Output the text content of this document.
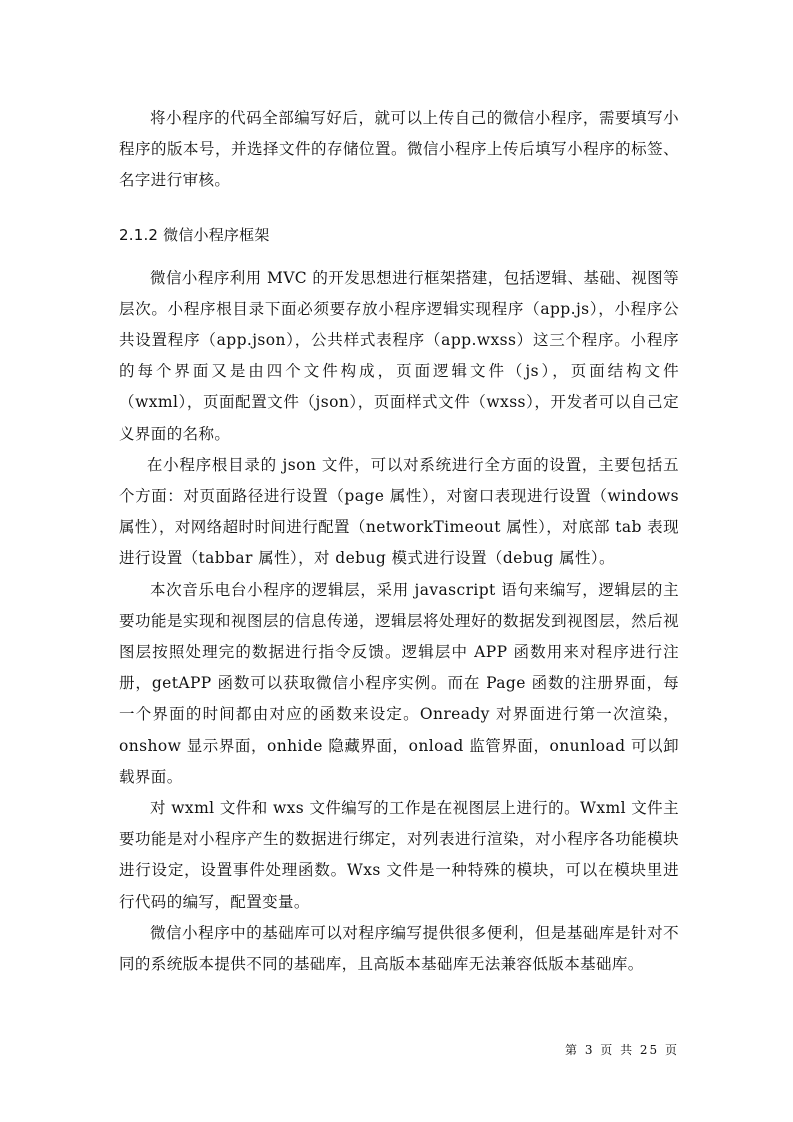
将小程序的代码全部编写好后，就可以上传自己的微信小程序，需要填写小程序的版本号，并选择文件的存储位置。微信小程序上传后填写小程序的标签、名字进行审核。

2.1.2 微信小程序框架

微信小程序利用 MVC 的开发思想进行框架搭建，包括逻辑、基础、视图等层次。小程序根目录下面必须要存放小程序逻辑实现程序（app.js），小程序公共设置程序（app.json），公共样式表程序（app.wxss）这三个程序。小程序的每个界面又是由四个文件构成，页面逻辑文件（js），页面结构文件（wxml），页面配置文件（json），页面样式文件（wxss），开发者可以自己定义界面的名称。

在小程序根目录的 json 文件，可以对系统进行全方面的设置，主要包括五个方面：对页面路径进行设置（page 属性），对窗口表现进行设置（windows 属性），对网络超时时间进行配置（networkTimeout 属性），对底部 tab 表现进行设置（tabbar 属性），对 debug 模式进行设置（debug 属性）。

本次音乐电台小程序的逻辑层，采用 javascript 语句来编写，逻辑层的主要功能是实现和视图层的信息传递，逻辑层将处理好的数据发到视图层，然后视图层按照处理完的数据进行指令反馈。逻辑层中 APP 函数用来对程序进行注册，getAPP 函数可以获取微信小程序实例。而在 Page 函数的注册界面，每一个界面的时间都由对应的函数来设定。Onready 对界面进行第一次渲染，onshow 显示界面，onhide 隐藏界面，onload 监管界面，onunload 可以卸载界面。

对 wxml 文件和 wxs 文件编写的工作是在视图层上进行的。Wxml 文件主要功能是对小程序产生的数据进行绑定，对列表进行渲染，对小程序各功能模块进行设定，设置事件处理函数。Wxs 文件是一种特殊的模块，可以在模块里进行代码的编写，配置变量。

微信小程序中的基础库可以对程序编写提供很多便利，但是基础库是针对不同的系统版本提供不同的基础库，且高版本基础库无法兼容低版本基础库。

第 3 页 共 25 页
